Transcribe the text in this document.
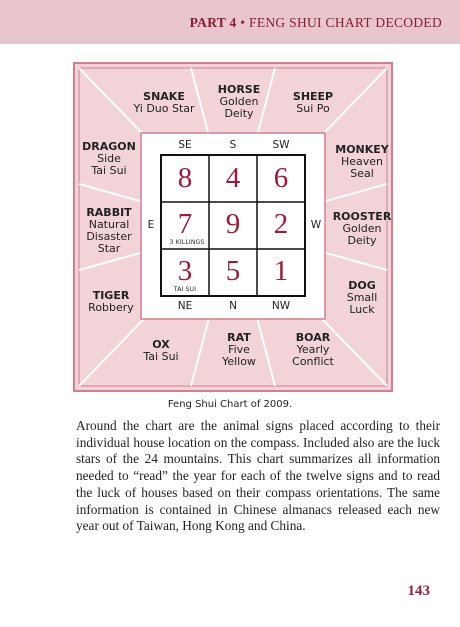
PART 4 • FENG SHUI CHART DECODED
SNAKE
Yi Duo Star
HORSE
Golden
Deity
SHEEP
Sui Po
MONKEY
Heaven
Seal
ROOSTER
Golden
Deity
DOG
Small
Luck
BOAR
Yearly
Conflict
RAT
Five
Yellow
OX
Tai Sui
TIGER
Robbery
RABBIT
Natural
Disaster
Star
DRAGON
Side
Tai Sui
SE	S	SW
NE	N	NW
E	W
8 4 6
7 9 2
3 5 1
3 KILLINGS
TAI SUI
Feng Shui Chart of 2009.

Around the chart are the animal signs placed according to their individual house location on the compass. Included also are the luck stars of the 24 mountains. This chart summarizes all information needed to “read” the year for each of the twelve signs and to read the luck of houses based on their compass orientations. The same information is contained in Chinese almanacs released each new year out of Taiwan, Hong Kong and China.

143
